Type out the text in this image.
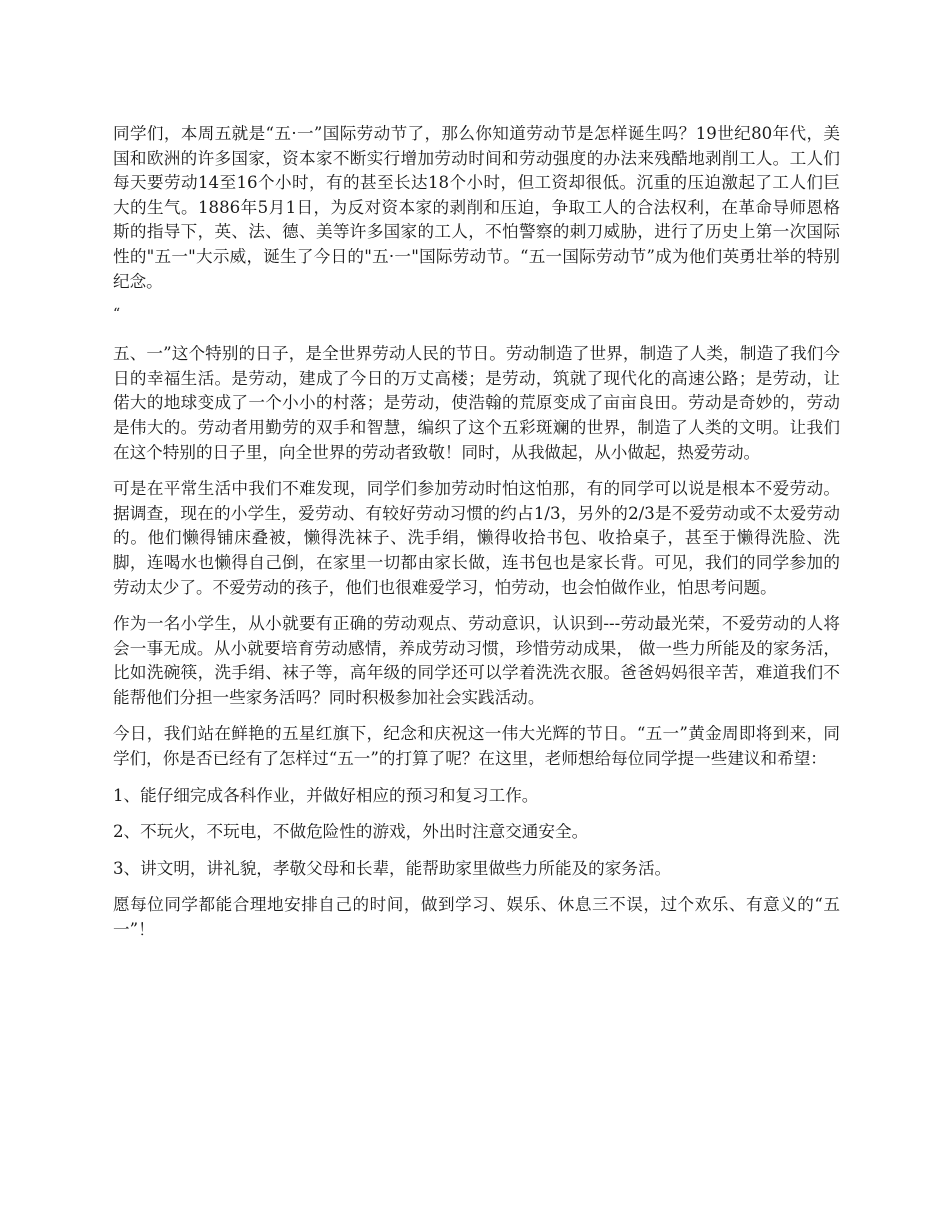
同学们，本周五就是“五·一”国际劳动节了，那么你知道劳动节是怎样诞生吗？19世纪80年代，美国和欧洲的许多国家，资本家不断实行增加劳动时间和劳动强度的办法来残酷地剥削工人。工人们每天要劳动14至16个小时，有的甚至长达18个小时，但工资却很低。沉重的压迫激起了工人们巨大的生气。1886年5月1日，为反对资本家的剥削和压迫，争取工人的合法权利，在革命导师恩格斯的指导下，英、法、德、美等许多国家的工人，不怕警察的刺刀威胁，进行了历史上第一次国际性的"五一"大示威，诞生了今日的"五·一"国际劳动节。“五一国际劳动节”成为他们英勇壮举的特别纪念。

“

五、一”这个特别的日子，是全世界劳动人民的节日。劳动制造了世界，制造了人类，制造了我们今日的幸福生活。是劳动，建成了今日的万丈高楼；是劳动，筑就了现代化的高速公路；是劳动，让偌大的地球变成了一个小小的村落；是劳动，使浩翰的荒原变成了亩亩良田。劳动是奇妙的，劳动是伟大的。劳动者用勤劳的双手和智慧，编织了这个五彩斑斓的世界，制造了人类的文明。让我们在这个特别的日子里，向全世界的劳动者致敬！同时，从我做起，从小做起，热爱劳动。

可是在平常生活中我们不难发现，同学们参加劳动时怕这怕那，有的同学可以说是根本不爱劳动。据调查，现在的小学生，爱劳动、有较好劳动习惯的约占1/3，另外的2/3是不爱劳动或不太爱劳动的。他们懒得铺床叠被，懒得洗袜子、洗手绢，懒得收拾书包、收拾桌子，甚至于懒得洗脸、洗脚，连喝水也懒得自己倒，在家里一切都由家长做，连书包也是家长背。可见，我们的同学参加的劳动太少了。不爱劳动的孩子，他们也很难爱学习，怕劳动，也会怕做作业，怕思考问题。

作为一名小学生，从小就要有正确的劳动观点、劳动意识，认识到---劳动最光荣，不爱劳动的人将会一事无成。从小就要培育劳动感情，养成劳动习惯，珍惜劳动成果， 做一些力所能及的家务活，比如洗碗筷，洗手绢、袜子等，高年级的同学还可以学着洗洗衣服。爸爸妈妈很辛苦，难道我们不能帮他们分担一些家务活吗？同时积极参加社会实践活动。

今日，我们站在鲜艳的五星红旗下，纪念和庆祝这一伟大光辉的节日。“五一”黄金周即将到来，同学们，你是否已经有了怎样过“五一”的打算了呢？在这里，老师想给每位同学提一些建议和希望：

1、能仔细完成各科作业，并做好相应的预习和复习工作。

2、不玩火，不玩电，不做危险性的游戏，外出时注意交通安全。

3、讲文明，讲礼貌，孝敬父母和长辈，能帮助家里做些力所能及的家务活。

愿每位同学都能合理地安排自己的时间，做到学习、娱乐、休息三不误，过个欢乐、有意义的“五一”！
